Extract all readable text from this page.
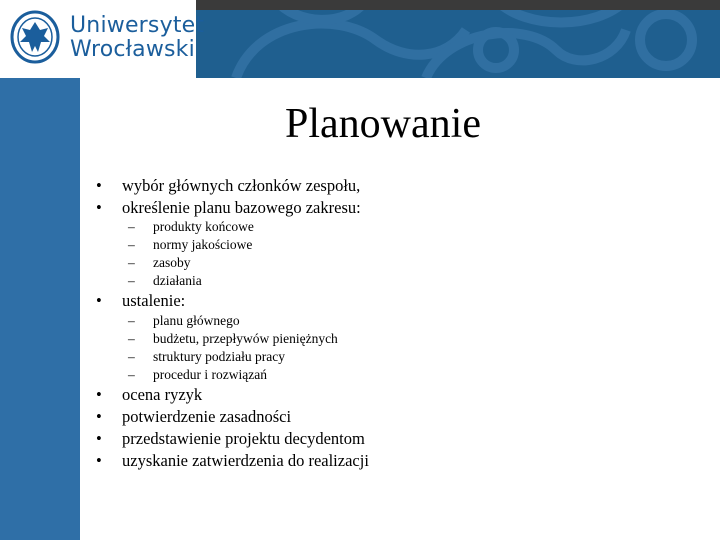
Uniwersytet
Wrocławski
Planowanie
• wybór głównych członków zespołu,
• określenie planu bazowego zakresu:
– produkty końcowe
– normy jakościowe
– zasoby
– działania
• ustalenie:
– planu głównego
– budżetu, przepływów pieniężnych
– struktury podziału pracy
– procedur i rozwiązań
• ocena ryzyk
• potwierdzenie zasadności
• przedstawienie projektu decydentom
• uzyskanie zatwierdzenia do realizacji
